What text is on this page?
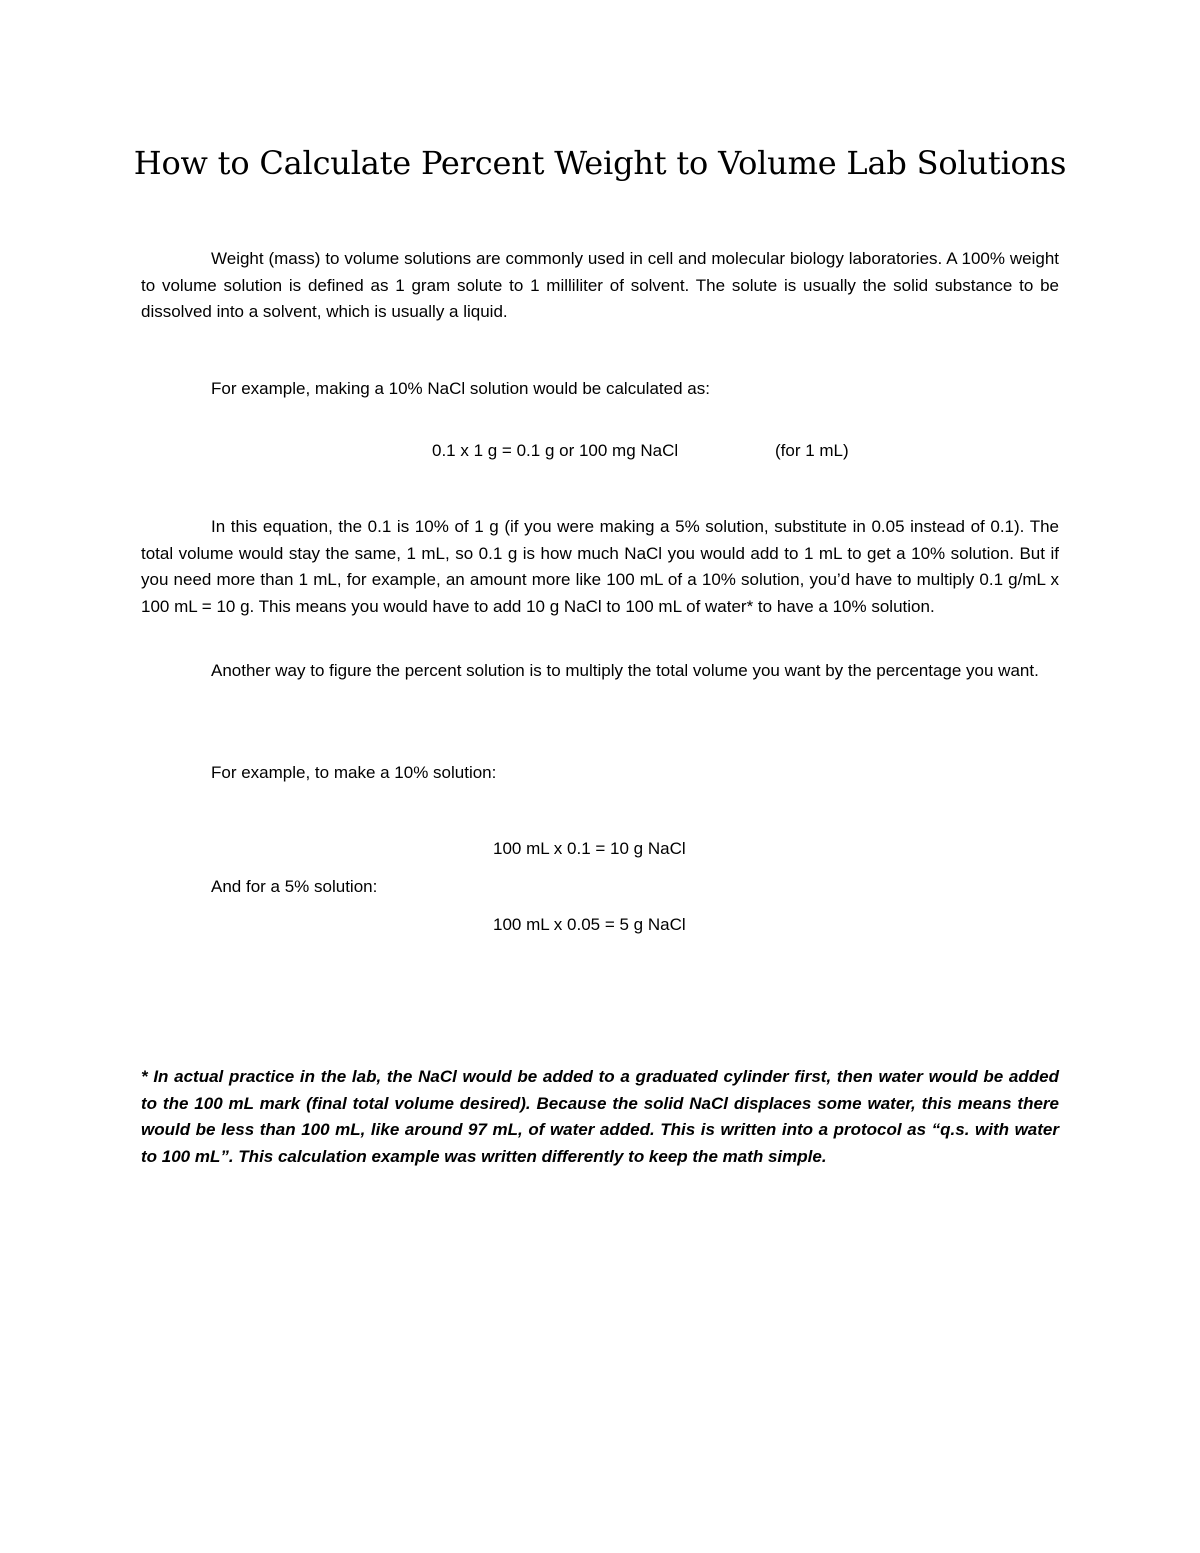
How to Calculate Percent Weight to Volume Lab Solutions

Weight (mass) to volume solutions are commonly used in cell and molecular biology laboratories. A 100% weight to volume solution is defined as 1 gram solute to 1 milliliter of solvent. The solute is usually the solid substance to be dissolved into a solvent, which is usually a liquid.

For example, making a 10% NaCl solution would be calculated as:

0.1 x 1 g = 0.1 g or 100 mg NaCl	(for 1 mL)

In this equation, the 0.1 is 10% of 1 g (if you were making a 5% solution, substitute in 0.05 instead of 0.1). The total volume would stay the same, 1 mL, so 0.1 g is how much NaCl you would add to 1 mL to get a 10% solution. But if you need more than 1 mL, for example, an amount more like 100 mL of a 10% solution, you’d have to multiply 0.1 g/mL x 100 mL = 10 g. This means you would have to add 10 g NaCl to 100 mL of water* to have a 10% solution.

Another way to figure the percent solution is to multiply the total volume you want by the percentage you want.

For example, to make a 10% solution:

100 mL x 0.1 = 10 g NaCl

And for a 5% solution:

100 mL x 0.05 = 5 g NaCl

* In actual practice in the lab, the NaCl would be added to a graduated cylinder first, then water would be added to the 100 mL mark (final total volume desired). Because the solid NaCl displaces some water, this means there would be less than 100 mL, like around 97 mL, of water added. This is written into a protocol as “q.s. with water to 100 mL”. This calculation example was written differently to keep the math simple.
